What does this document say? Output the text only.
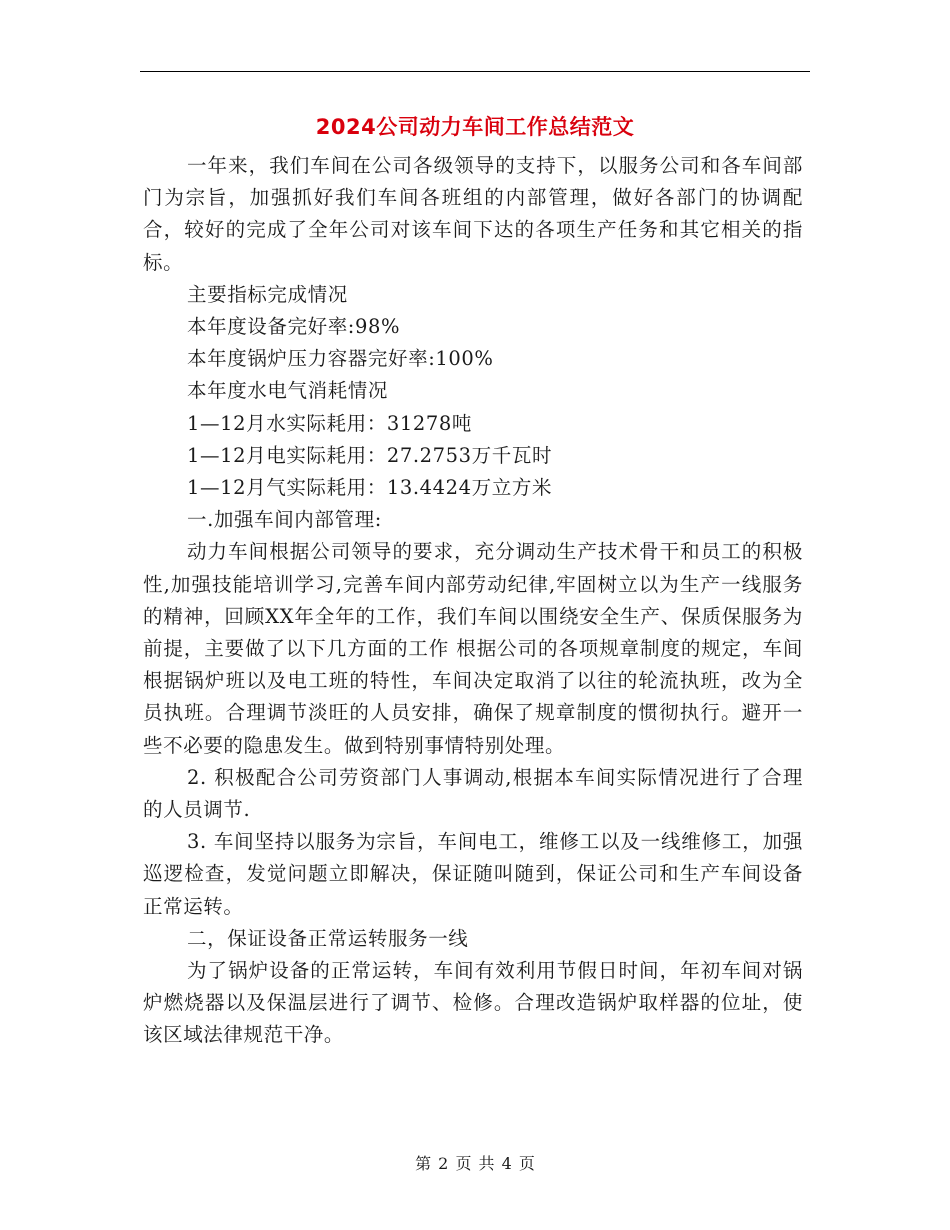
2024公司动力车间工作总结范文

一年来，我们车间在公司各级领导的支持下，以服务公司和各车间部门为宗旨，加强抓好我们车间各班组的内部管理，做好各部门的协调配合，较好的完成了全年公司对该车间下达的各项生产任务和其它相关的指标。

主要指标完成情况

本年度设备完好率:98%

本年度锅炉压力容器完好率:100%

本年度水电气消耗情况

1—12月水实际耗用：31278吨

1—12月电实际耗用：27.2753万千瓦时

1—12月气实际耗用：13.4424万立方米

一.加强车间内部管理:

动力车间根据公司领导的要求，充分调动生产技术骨干和员工的积极性,加强技能培训学习,完善车间内部劳动纪律,牢固树立以为生产一线服务的精神，回顾XX年全年的工作，我们车间以围绕安全生产、保质保服务为前提，主要做了以下几方面的工作 根据公司的各项规章制度的规定，车间根据锅炉班以及电工班的特性，车间决定取消了以往的轮流执班，改为全员执班。合理调节淡旺的人员安排，确保了规章制度的惯彻执行。避开一些不必要的隐患发生。做到特别事情特别处理。

2. 积极配合公司劳资部门人事调动,根据本车间实际情况进行了合理的人员调节.

3. 车间坚持以服务为宗旨，车间电工，维修工以及一线维修工，加强巡逻检查，发觉问题立即解决，保证随叫随到，保证公司和生产车间设备正常运转。

二，保证设备正常运转服务一线

为了锅炉设备的正常运转，车间有效利用节假日时间，年初车间对锅炉燃烧器以及保温层进行了调节、检修。合理改造锅炉取样器的位址，使该区域法律规范干净。

第 2 页 共 4 页
